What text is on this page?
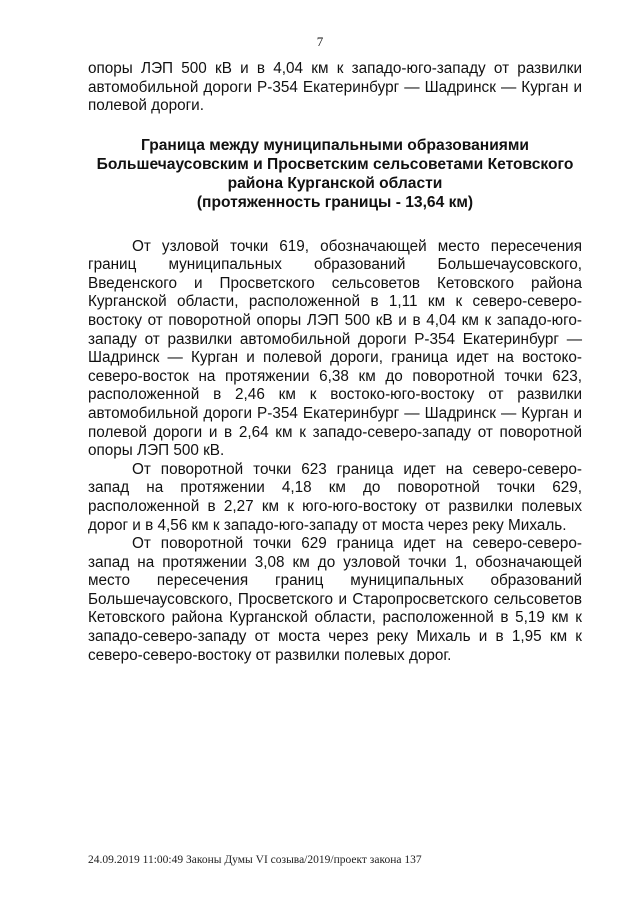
7

опоры ЛЭП 500 кВ и в 4,04 км к западо-юго-западу от развилки автомобильной дороги Р-354 Екатеринбург — Шадринск — Курган и полевой дороги.

Граница между муниципальными образованиями
Большечаусовским и Просветским сельсоветами Кетовского
района Курганской области
(протяженность границы - 13,64 км)

От узловой точки 619, обозначающей место пересечения границ муниципальных образований Большечаусовского, Введенского и Просветского сельсоветов Кетовского района Курганской области, расположенной в 1,11 км к северо-северо-востоку от поворотной опоры ЛЭП 500 кВ и в 4,04 км к западо-юго-западу от развилки автомобильной дороги Р-354 Екатеринбург — Шадринск — Курган и полевой дороги, граница идет на востоко-северо-восток на протяжении 6,38 км до поворотной точки 623, расположенной в 2,46 км к востоко-юго-востоку от развилки автомобильной дороги Р-354 Екатеринбург — Шадринск — Курган и полевой дороги и в 2,64 км к западо-северо-западу от поворотной опоры ЛЭП 500 кВ.

От поворотной точки 623 граница идет на северо-северо-запад на протяжении 4,18 км до поворотной точки 629, расположенной в 2,27 км к юго-юго-востоку от развилки полевых дорог и в 4,56 км к западо-юго-западу от моста через реку Михаль.

От поворотной точки 629 граница идет на северо-северо-запад на протяжении 3,08 км до узловой точки 1, обозначающей место пересечения границ муниципальных образований Большечаусовского, Просветского и Старопросветского сельсоветов Кетовского района Курганской области, расположенной в 5,19 км к западо-северо-западу от моста через реку Михаль и в 1,95 км к северо-северо-востоку от развилки полевых дорог.

24.09.2019 11:00:49 Законы Думы VI созыва/2019/проект закона 137
